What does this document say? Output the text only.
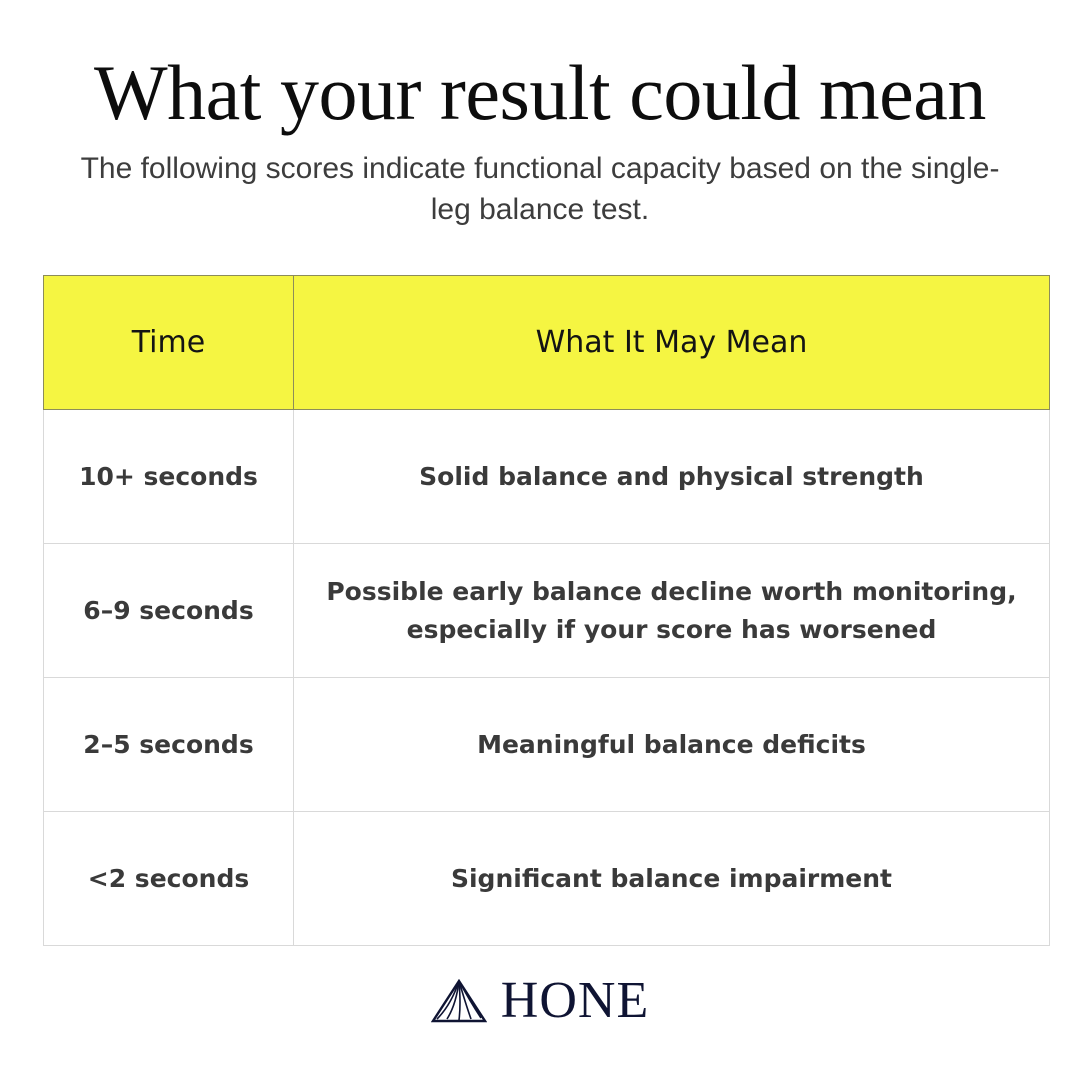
What your result could mean
The following scores indicate functional capacity based on the single-leg balance test.
Time	What It May Mean
10+ seconds	Solid balance and physical strength
6–9 seconds	Possible early balance decline worth monitoring, especially if your score has worsened
2–5 seconds	Meaningful balance deficits
<2 seconds	Significant balance impairment
HONE
